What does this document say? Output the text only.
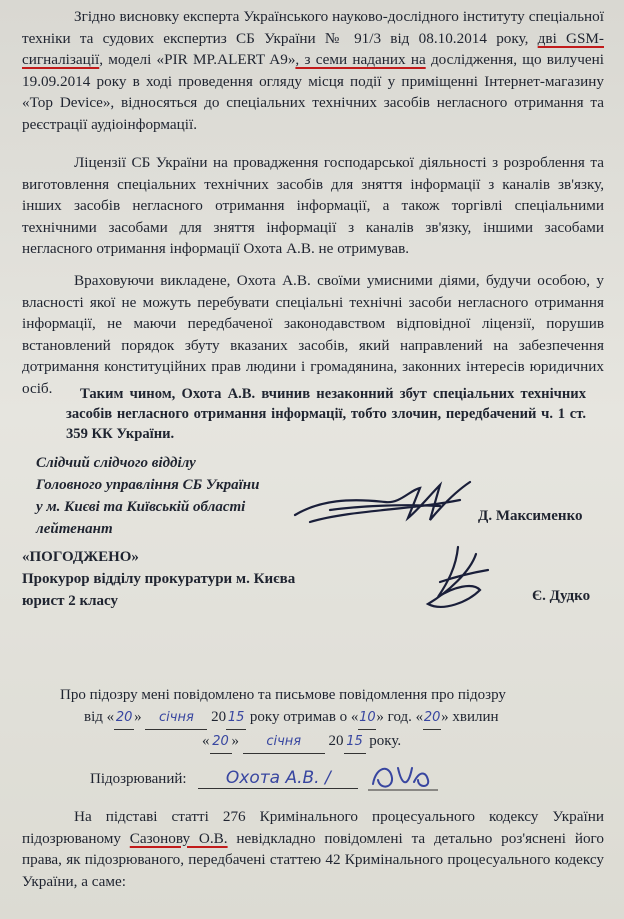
Згідно висновку експерта Українського науково-дослідного інституту спеціальної техніки та судових експертиз СБ України № 91/3 від 08.10.2014 року, дві GSM-сигналізації, моделі «PIR MP.ALERT A9», з семи наданих на дослідження, що вилучені 19.09.2014 року в ході проведення огляду місця події у приміщенні Інтернет-магазину «Top Device», відносяться до спеціальних технічних засобів негласного отримання та реєстрації аудіоінформації.
Ліцензії СБ України на провадження господарської діяльності з розроблення та виготовлення спеціальних технічних засобів для зняття інформації з каналів зв'язку, інших засобів негласного отримання інформації, а також торгівлі спеціальними технічними засобами для зняття інформації з каналів зв'язку, іншими засобами негласного отримання інформації Охота А.В. не отримував.
Враховуючи викладене, Охота А.В. своїми умисними діями, будучи особою, у власності якої не можуть перебувати спеціальні технічні засоби негласного отримання інформації, не маючи передбаченої законодавством відповідної ліцензії, порушив встановлений порядок збуту вказаних засобів, який направлений на забезпечення дотримання конституційних прав людини і громадянина, законних інтересів юридичних осіб.	Таким чином, Охота А.В. вчинив незаконний збут спеціальних технічних засобів негласного отримання інформації, тобто злочин, передбачений ч. 1 ст. 359 КК України.
Слідчий слідчого відділу
Головного управління СБ України
у м. Києві та Київській області
лейтенант
Д. Максименко
«ПОГОДЖЕНО»
Прокурор відділу прокуратури м. Києва
юрист 2 класу	Є. Дудко
Про підозру мені повідомлено та письмове повідомлення про підозру
від « 20 » січня 20 15 року отримав о «10» год. «20» хвилин
« 20 » січня 20 15 року.
Підозрюваний: Охота А.В. /
На підставі статті 276 Кримінального процесуального кодексу України підозрюваному Сазонову О.В. невідкладно повідомлені та детально роз'яснені його права, як підозрюваного, передбачені статтею 42 Кримінального процесуального кодексу України, а саме:
